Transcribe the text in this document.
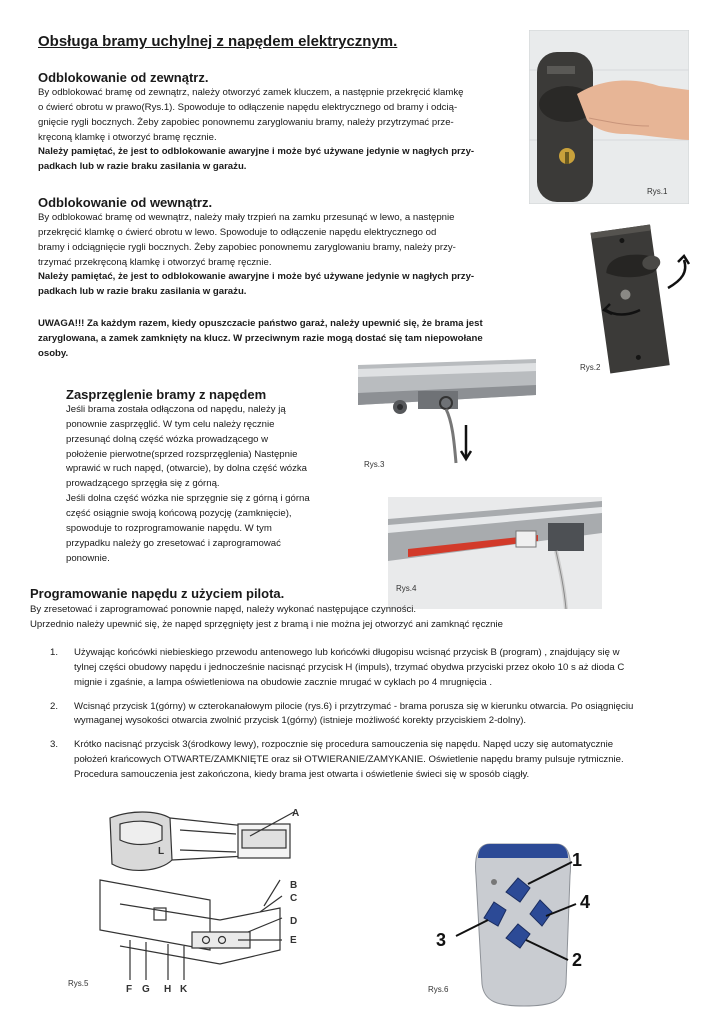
Obsługa bramy uchylnej z napędem elektrycznym.
Odblokowanie od zewnątrz.

By odblokować bramę od zewnątrz, należy otworzyć zamek kluczem, a następnie przekręcić klamkę

o ćwierć obrotu w prawo(Rys.1). Spowoduje to odłączenie napędu elektrycznego od bramy i odcią-

gnięcie rygli bocznych. Żeby zapobiec ponownemu zaryglowaniu bramy, należy przytrzymać prze-

kręconą klamkę i otworzyć bramę ręcznie.

Należy pamiętać, że jest to odblokowanie awaryjne i może być używane jedynie w nagłych przy-

padkach lub w razie braku zasilania w garażu.

Rys.1
Odblokowanie od wewnątrz.

By odblokować bramę od wewnątrz, należy mały trzpień na zamku przesunąć w lewo, a następnie

przekręcić klamkę o ćwierć obrotu w lewo. Spowoduje to odłączenie napędu elektrycznego od

bramy i odciągnięcie rygli bocznych. Żeby zapobiec ponownemu zaryglowaniu bramy, należy przy-

trzymać przekręconą klamkę i otworzyć bramę ręcznie.

Należy pamiętać, że jest to odblokowanie awaryjne i może być używane jedynie w nagłych przy-

padkach lub w razie braku zasilania w garażu.

UWAGA!!! Za każdym razem, kiedy opuszczacie państwo garaż, należy upewnić się, że brama jest

zaryglowana, a zamek zamknięty na klucz. W przeciwnym razie mogą dostać się tam niepowołane

osoby.

Rys.2
Zasprzęglenie bramy z napędem

Jeśli brama została odłączona od napędu, należy ją

ponownie zasprzęglić. W tym celu należy ręcznie

przesunąć dolną część wózka prowadzącego w

położenie pierwotne(sprzed rozsprzęglenia) Następnie

wprawić w ruch napęd, (otwarcie), by dolna część wózka

prowadzącego sprzęgła się z górną.

Jeśli dolna część wózka nie sprzęgnie się z górną i górna

część osiągnie swoją końcową pozycję (zamknięcie),

spowoduje to rozprogramowanie napędu. W tym

przypadku należy go zresetować i zaprogramować

ponownie.

Rys.3
Rys.4
Programowanie napędu z użyciem pilota.

By zresetować i zaprogramować ponownie napęd, należy wykonać następujące czynności.

Uprzednio należy upewnić się, że napęd sprzęgnięty jest z bramą i nie można jej otworzyć ani zamknąć ręcznie

1. Używając końcówki niebieskiego przewodu antenowego lub końcówki długopisu wcisnąć przycisk B (program) , znajdujący się w

tylnej części obudowy napędu i jednocześnie nacisnąć przycisk H (impuls), trzymać obydwa przyciski przez około 10 s aż dioda C

mignie i zgaśnie, a lampa oświetleniowa na obudowie zacznie mrugać w cyklach po 4 mrugnięcia .

2. Wcisnąć przycisk 1(górny) w czterokanałowym pilocie (rys.6) i przytrzymać - brama porusza się w kierunku otwarcia. Po osiągnięciu

wymaganej wysokości otwarcia zwolnić przycisk 1(górny) (istnieje możliwość korekty przyciskiem 2-dolny).

3. Krótko nacisnąć przycisk 3(środkowy lewy), rozpocznie się procedura samouczenia się napędu. Napęd uczy się automatycznie

położeń krańcowych OTWARTE/ZAMKNIĘTE oraz sił OTWIERANIE/ZAMYKANIE. Oświetlenie napędu bramy pulsuje rytmicznie.

Procedura samouczenia jest zakończona, kiedy brama jest otwarta i oświetlenie świeci się w sposób ciągły.

L
A
B
C
D
E
F G H K
Rys.5
1
4
3
2
Rys.6
